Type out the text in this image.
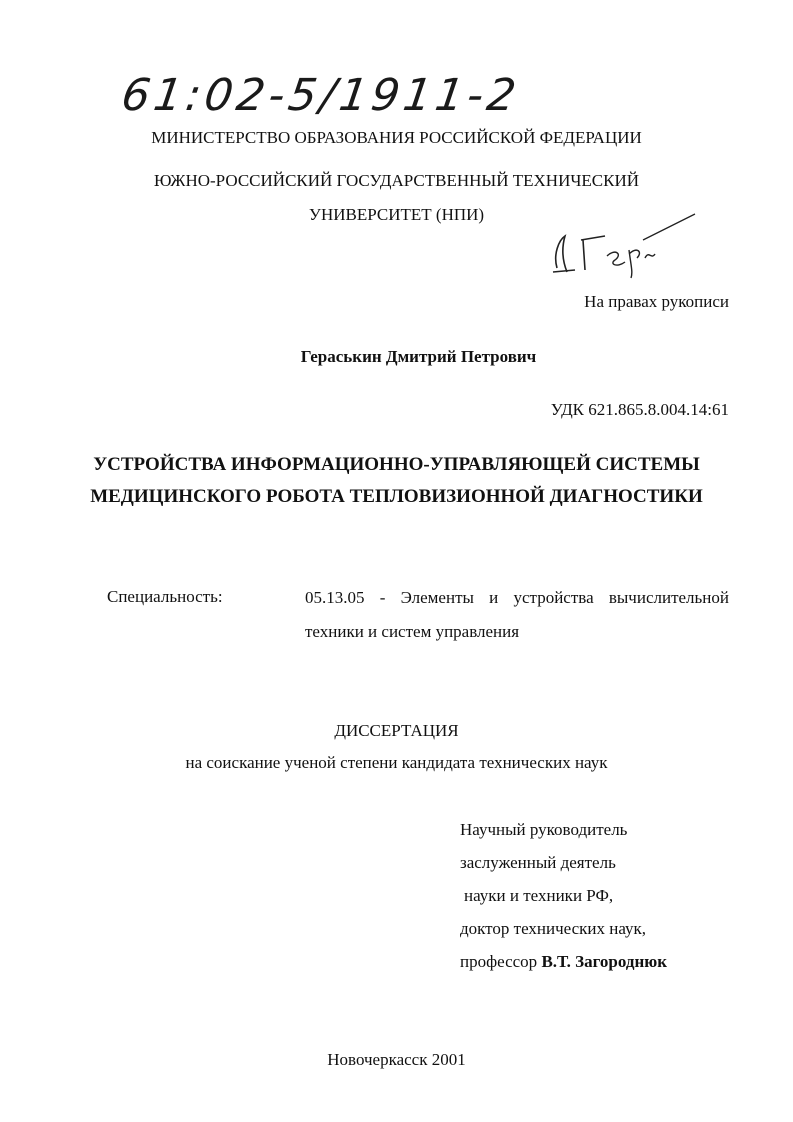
61:02-5/1911-2
МИНИСТЕРСТВО ОБРАЗОВАНИЯ РОССИЙСКОЙ ФЕДЕРАЦИИ
ЮЖНО-РОССИЙСКИЙ ГОСУДАРСТВЕННЫЙ ТЕХНИЧЕСКИЙ
УНИВЕРСИТЕТ (НПИ)
На правах рукописи
Гераськин Дмитрий Петрович
УДК 621.865.8.004.14:61
УСТРОЙСТВА ИНФОРМАЦИОННО-УПРАВЛЯЮЩЕЙ СИСТЕМЫ
МЕДИЦИНСКОГО РОБОТА ТЕПЛОВИЗИОННОЙ ДИАГНОСТИКИ
Специальность:	05.13.05 - Элементы и устройства вычислительной техники и систем управления
ДИССЕРТАЦИЯ
на соискание ученой степени кандидата технических наук
Научный руководитель
заслуженный деятель
науки и техники РФ,
доктор технических наук,
профессор В.Т. Загороднюк
Новочеркасск 2001
